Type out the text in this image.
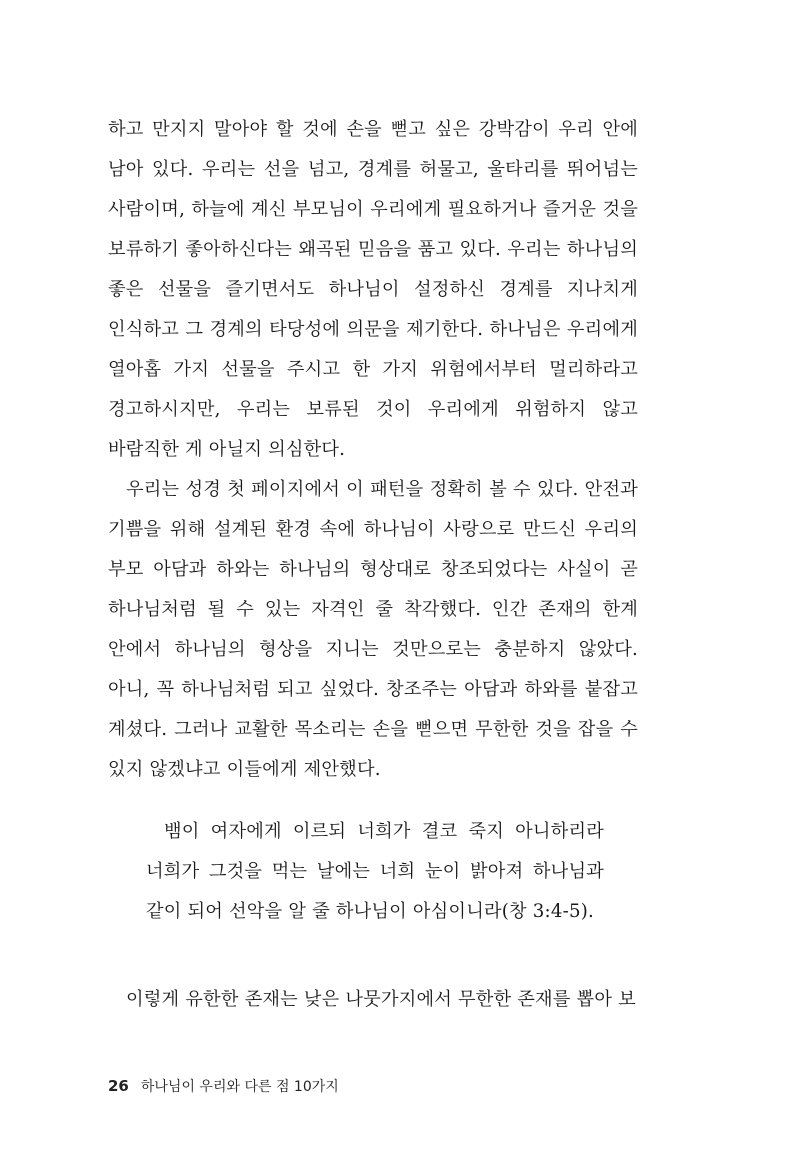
하고 만지지 말아야 할 것에 손을 뻗고 싶은 강박감이 우리 안에 남아 있다. 우리는 선을 넘고, 경계를 허물고, 울타리를 뛰어넘는 사람이며, 하늘에 계신 부모님이 우리에게 필요하거나 즐거운 것을 보류하기 좋아하신다는 왜곡된 믿음을 품고 있다. 우리는 하나님의 좋은 선물을 즐기면서도 하나님이 설정하신 경계를 지나치게 인식하고 그 경계의 타당성에 의문을 제기한다. 하나님은 우리에게 열아홉 가지 선물을 주시고 한 가지 위험에서부터 멀리하라고 경고하시지만, 우리는 보류된 것이 우리에게 위험하지 않고 바람직한 게 아닐지 의심한다.

우리는 성경 첫 페이지에서 이 패턴을 정확히 볼 수 있다. 안전과 기쁨을 위해 설계된 환경 속에 하나님이 사랑으로 만드신 우리의 부모 아담과 하와는 하나님의 형상대로 창조되었다는 사실이 곧 하나님처럼 될 수 있는 자격인 줄 착각했다. 인간 존재의 한계 안에서 하나님의 형상을 지니는 것만으로는 충분하지 않았다. 아니, 꼭 하나님처럼 되고 싶었다. 창조주는 아담과 하와를 붙잡고 계셨다. 그러나 교활한 목소리는 손을 뻗으면 무한한 것을 잡을 수 있지 않겠냐고 이들에게 제안했다.

뱀이 여자에게 이르되 너희가 결코 죽지 아니하리라 너희가 그것을 먹는 날에는 너희 눈이 밝아져 하나님과 같이 되어 선악을 알 줄 하나님이 아심이니라(창 3:4-5).

이렇게 유한한 존재는 낮은 나뭇가지에서 무한한 존재를 뽑아 보

26 하나님이 우리와 다른 점 10가지
